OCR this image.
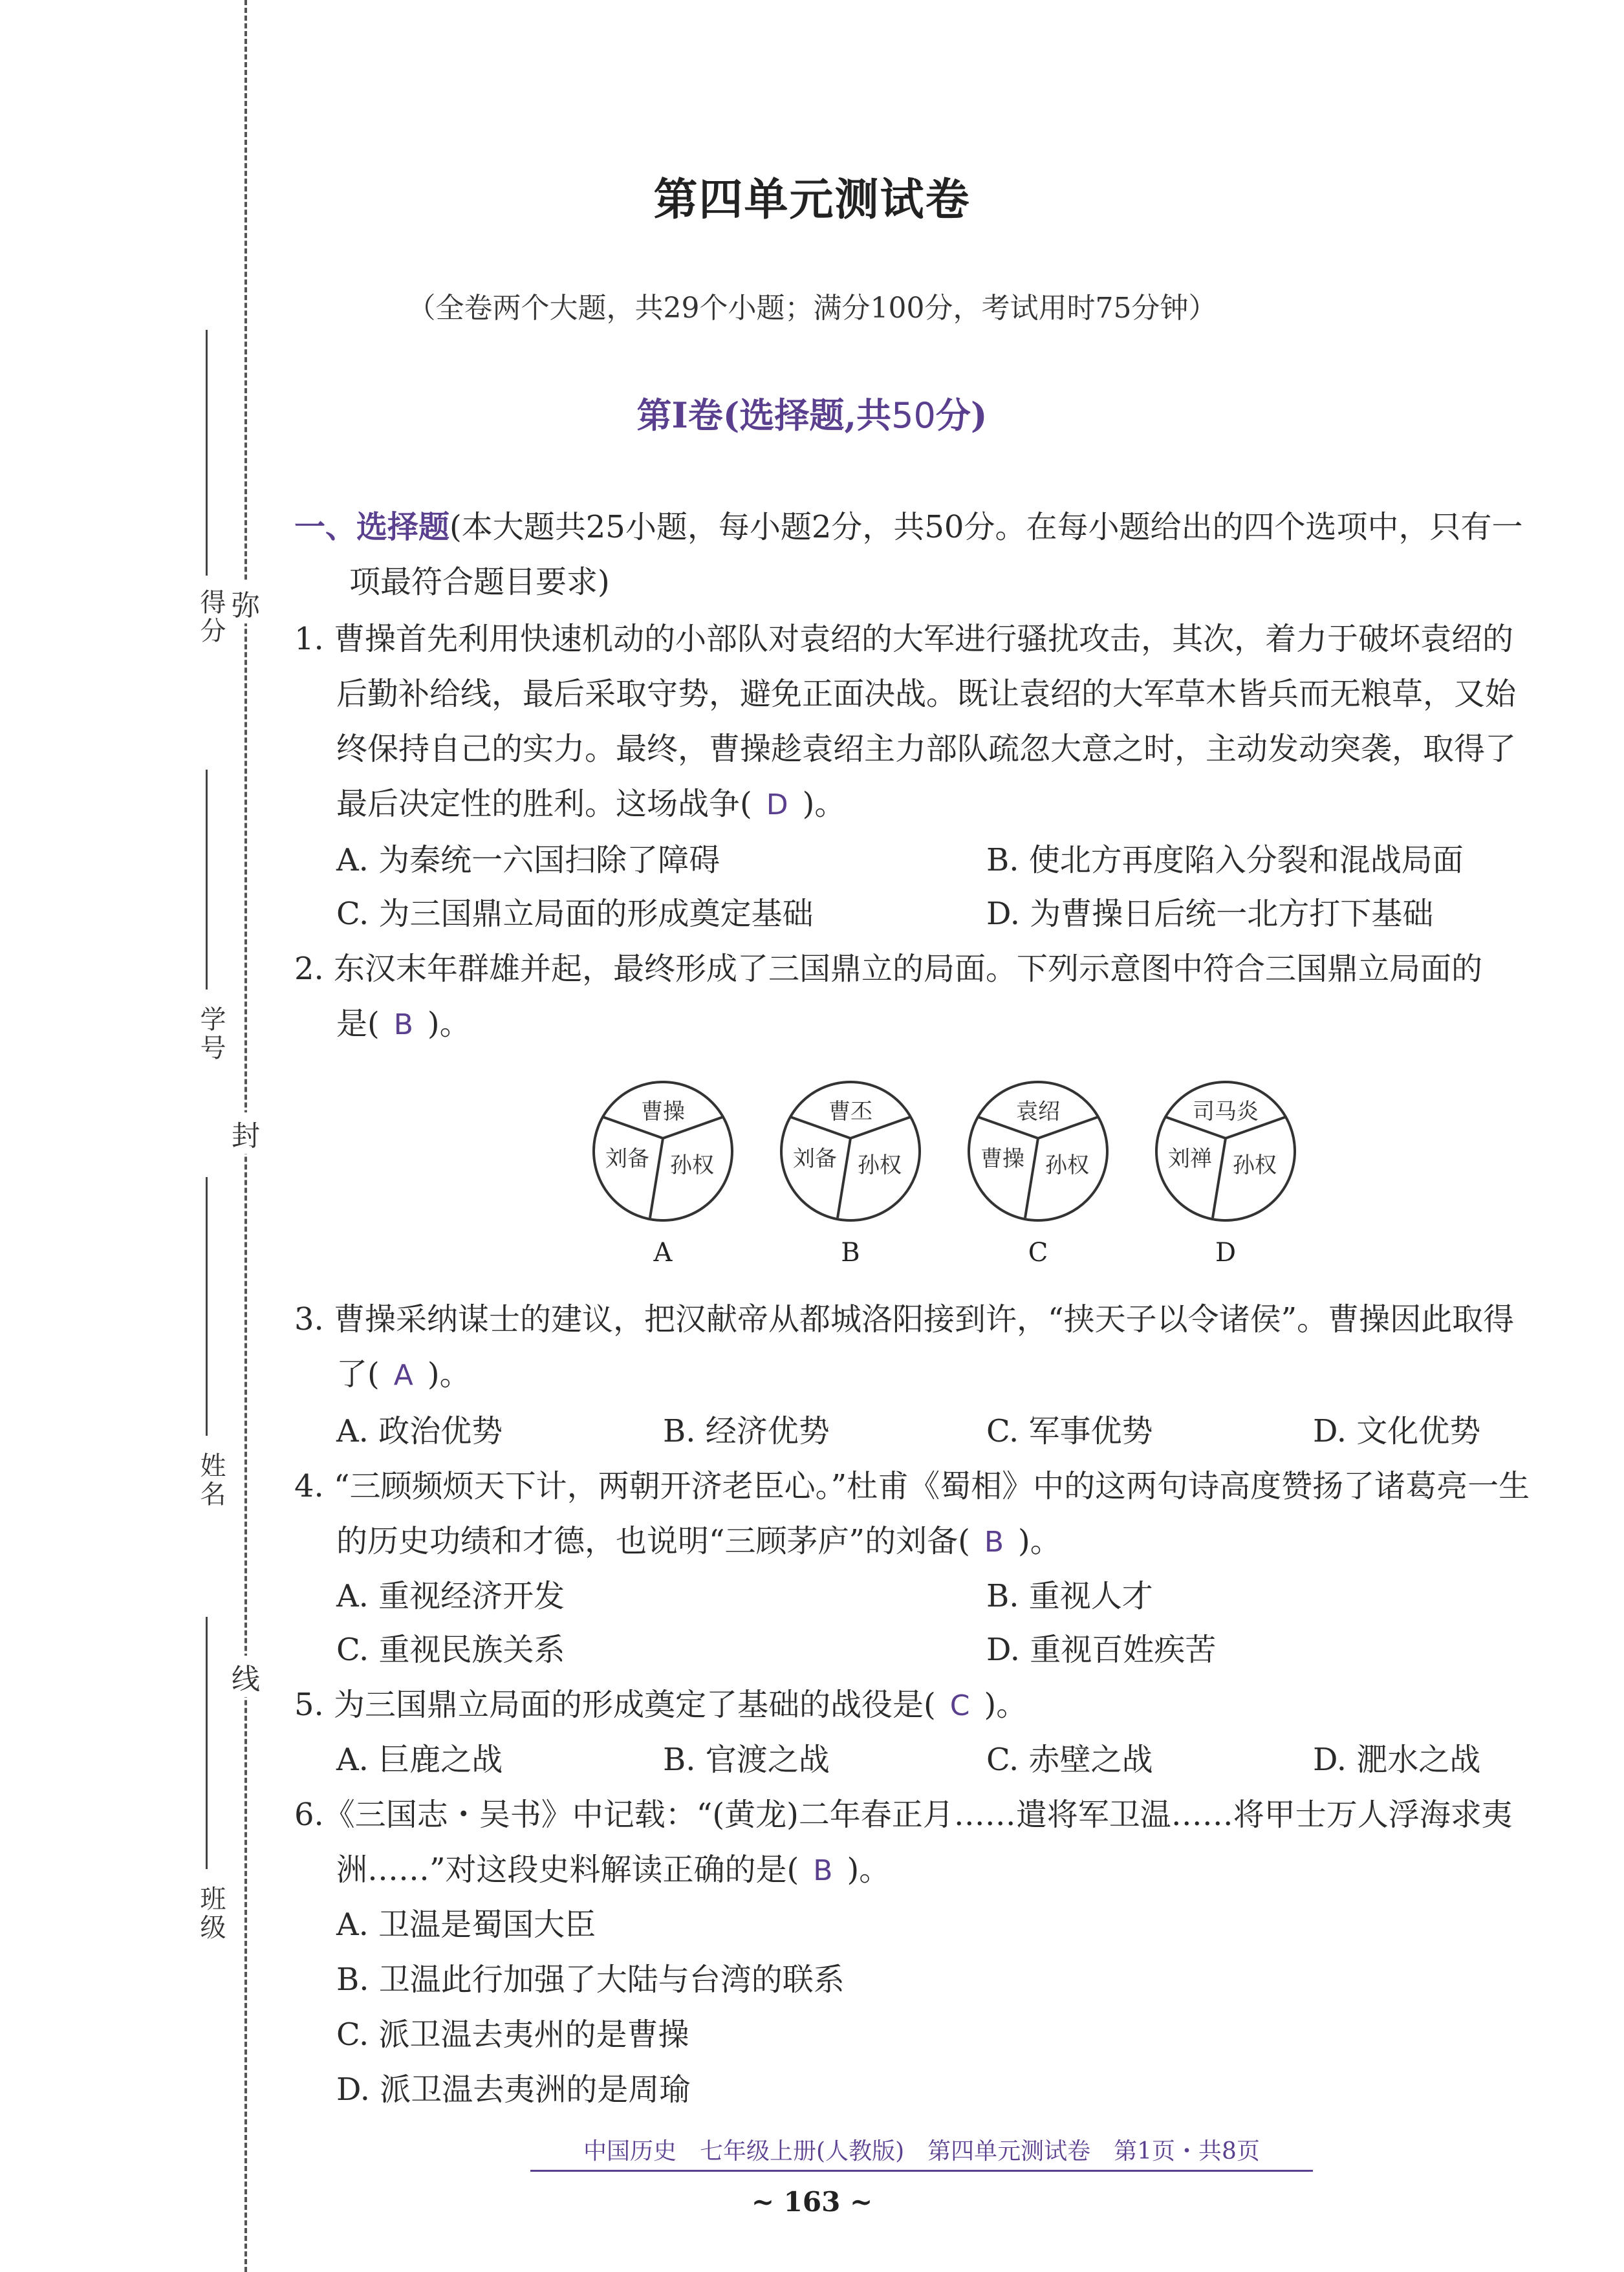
弥
封
线
得分
学号
姓名
班级
第四单元测试卷
（全卷两个大题，共29个小题；满分100分，考试用时75分钟）
第Ⅰ卷(选择题,共50分)
一、选择题(本大题共25小题，每小题2分，共50分。在每小题给出的四个选项中，只有一
项最符合题目要求)
1. 曹操首先利用快速机动的小部队对袁绍的大军进行骚扰攻击，其次，着力于破坏袁绍的
后勤补给线，最后采取守势，避免正面决战。既让袁绍的大军草木皆兵而无粮草，又始
终保持自己的实力。最终，曹操趁袁绍主力部队疏忽大意之时，主动发动突袭，取得了
最后决定性的胜利。这场战争( D )。
A. 为秦统一六国扫除了障碍	B. 使北方再度陷入分裂和混战局面
C. 为三国鼎立局面的形成奠定基础	D. 为曹操日后统一北方打下基础
2. 东汉末年群雄并起，最终形成了三国鼎立的局面。下列示意图中符合三国鼎立局面的
是( B )。
曹操
刘备 孙权
A
曹丕
刘备 孙权
B
袁绍
曹操 孙权
C
司马炎
刘禅 孙权
D
3. 曹操采纳谋士的建议，把汉献帝从都城洛阳接到许，“挟天子以令诸侯”。曹操因此取得
了( A )。
A. 政治优势	B. 经济优势	C. 军事优势	D. 文化优势
4. “三顾频烦天下计，两朝开济老臣心。”杜甫《蜀相》中的这两句诗高度赞扬了诸葛亮一生
的历史功绩和才德，也说明“三顾茅庐”的刘备( B )。
A. 重视经济开发	B. 重视人才
C. 重视民族关系	D. 重视百姓疾苦
5. 为三国鼎立局面的形成奠定了基础的战役是( C )。
A. 巨鹿之战	B. 官渡之战	C. 赤壁之战	D. 淝水之战
6.《三国志・吴书》中记载：“(黄龙)二年春正月……遣将军卫温……将甲士万人浮海求夷
洲……”对这段史料解读正确的是( B )。
A. 卫温是蜀国大臣
B. 卫温此行加强了大陆与台湾的联系
C. 派卫温去夷州的是曹操
D. 派卫温去夷洲的是周瑜
中国历史　七年级上册(人教版)　第四单元测试卷　第1页・共8页
~ 163 ~
